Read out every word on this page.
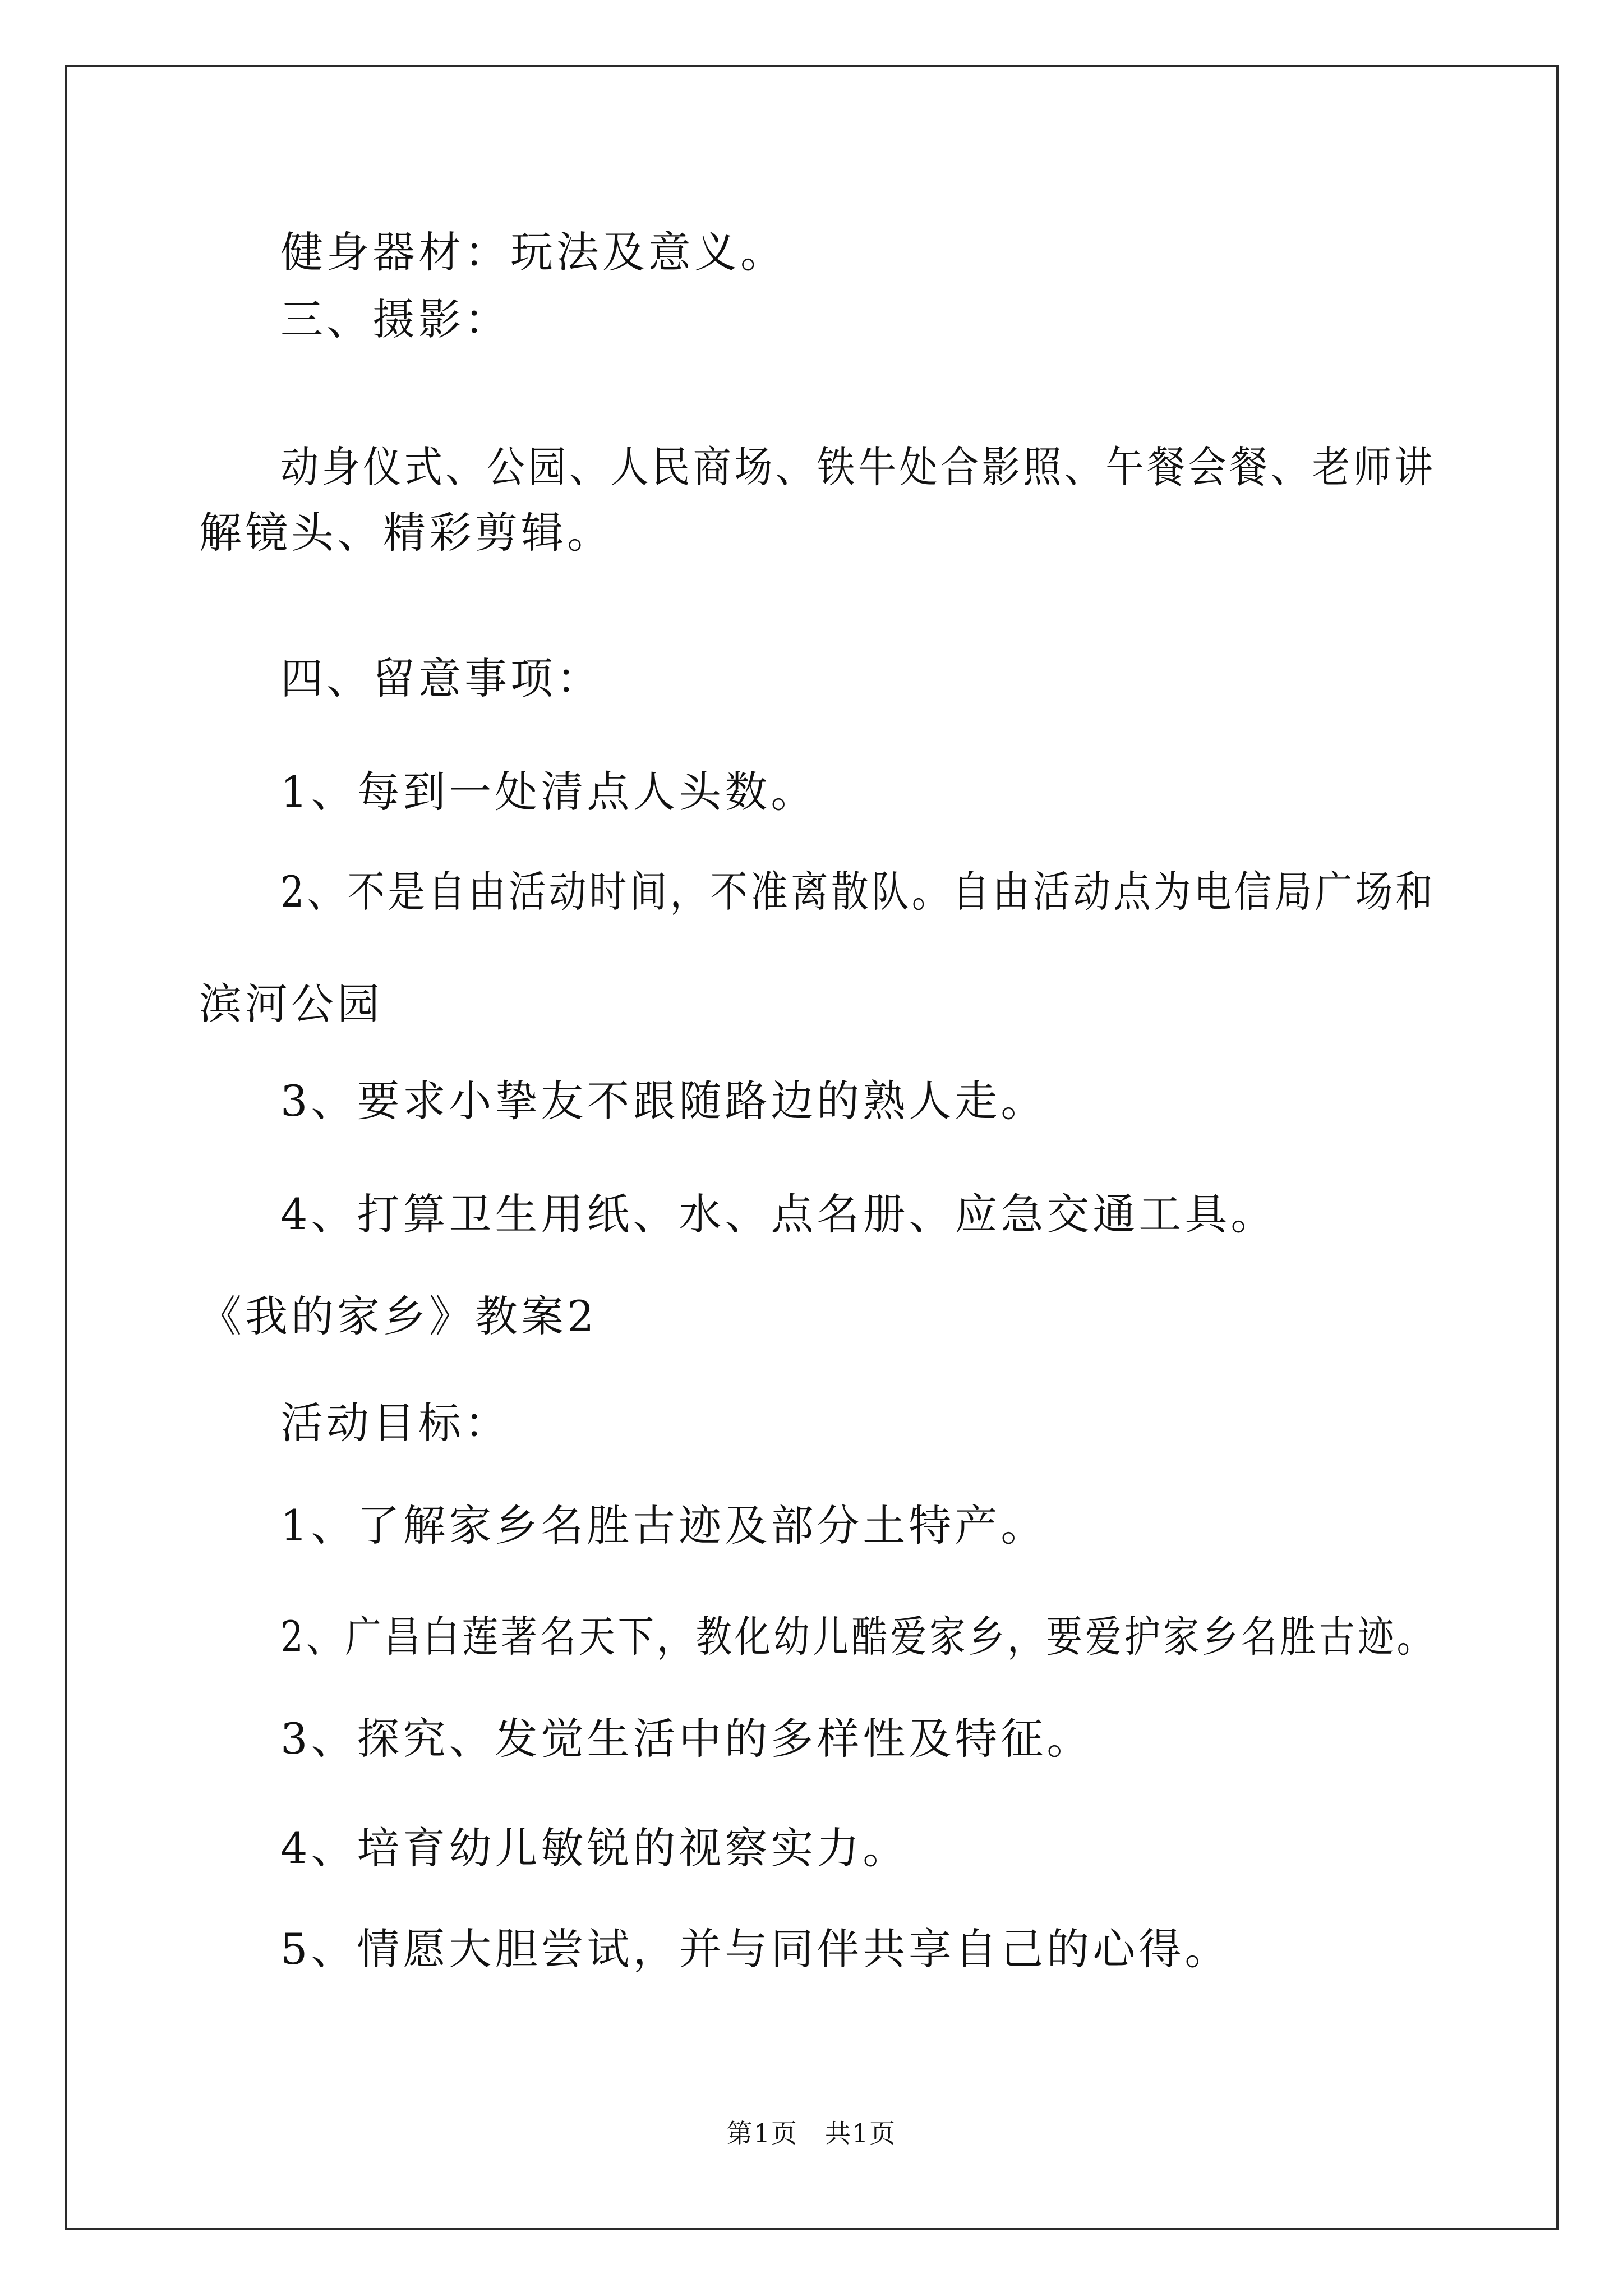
健身器材：玩法及意义。
三、摄影：
动身仪式、公园、人民商场、铁牛处合影照、午餐会餐、老师讲
解镜头、精彩剪辑。
四、留意事项：
1、每到一处清点人头数。
2、不是自由活动时间，不准离散队。自由活动点为电信局广场和
滨河公园
3、要求小挚友不跟随路边的熟人走。
4、打算卫生用纸、水、点名册、应急交通工具。
《我的家乡》教案2
活动目标：
1、了解家乡名胜古迹及部分土特产。
2、广昌白莲著名天下，教化幼儿酷爱家乡，要爱护家乡名胜古迹。
3、探究、发觉生活中的多样性及特征。
4、培育幼儿敏锐的视察实力。
5、情愿大胆尝试，并与同伴共享自己的心得。
第1页　共1页
